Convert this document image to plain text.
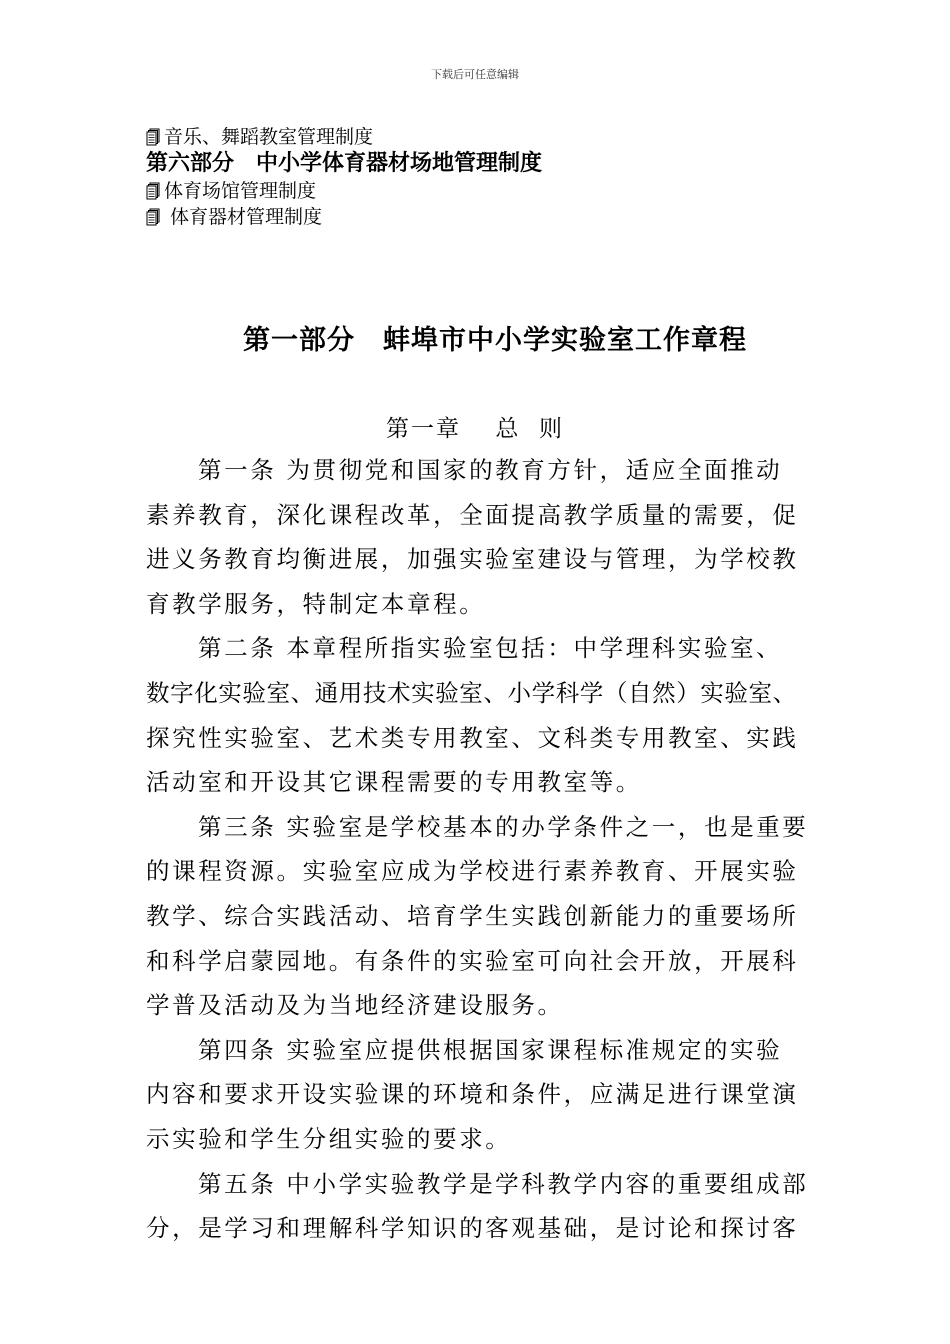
下载后可任意编辑
音乐、舞蹈教室管理制度
第六部分　中小学体育器材场地管理制度
体育场馆管理制度
体育器材管理制度
第一部分　蚌埠市中小学实验室工作章程
第一章　 总  则
第一条 为贯彻党和国家的教育方针，适应全面推动
素养教育，深化课程改革，全面提高教学质量的需要，促
进义务教育均衡进展，加强实验室建设与管理，为学校教
育教学服务，特制定本章程。
第二条 本章程所指实验室包括：中学理科实验室、
数字化实验室、通用技术实验室、小学科学（自然）实验室、
探究性实验室、艺术类专用教室、文科类专用教室、实践
活动室和开设其它课程需要的专用教室等。
第三条 实验室是学校基本的办学条件之一，也是重要
的课程资源。实验室应成为学校进行素养教育、开展实验
教学、综合实践活动、培育学生实践创新能力的重要场所
和科学启蒙园地。有条件的实验室可向社会开放，开展科
学普及活动及为当地经济建设服务。
第四条 实验室应提供根据国家课程标准规定的实验
内容和要求开设实验课的环境和条件，应满足进行课堂演
示实验和学生分组实验的要求。
第五条 中小学实验教学是学科教学内容的重要组成部
分，是学习和理解科学知识的客观基础，是讨论和探讨客
